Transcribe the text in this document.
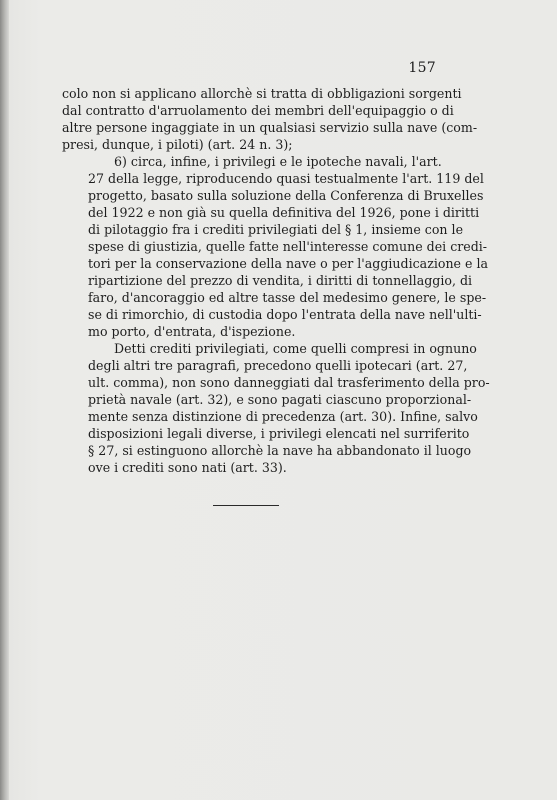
157

colo non si applicano allorchè si tratta di obbligazioni sorgenti
dal contratto d'arruolamento dei membri dell'equipaggio o di
altre persone ingaggiate in un qualsiasi servizio sulla nave (com-
presi, dunque, i piloti) (art. 24 n. 3);

6) circa, infine, i privilegi e le ipoteche navali, l'art.
27 della legge, riproducendo quasi testualmente l'art. 119 del
progetto, basato sulla soluzione della Conferenza di Bruxelles
del 1922 e non già su quella definitiva del 1926, pone i diritti
di pilotaggio fra i crediti privilegiati del § 1, insieme con le
spese di giustizia, quelle fatte nell'interesse comune dei credi-
tori per la conservazione della nave o per l'aggiudicazione e la
ripartizione del prezzo di vendita, i diritti di tonnellaggio, di
faro, d'ancoraggio ed altre tasse del medesimo genere, le spe-
se di rimorchio, di custodia dopo l'entrata della nave nell'ulti-
mo porto, d'entrata, d'ispezione.

Detti crediti privilegiati, come quelli compresi in ognuno
degli altri tre paragrafi, precedono quelli ipotecari (art. 27,
ult. comma), non sono danneggiati dal trasferimento della pro-
prietà navale (art. 32), e sono pagati ciascuno proporzional-
mente senza distinzione di precedenza (art. 30). Infine, salvo
disposizioni legali diverse, i privilegi elencati nel surriferito
§ 27, si estinguono allorchè la nave ha abbandonato il luogo
ove i crediti sono nati (art. 33).
